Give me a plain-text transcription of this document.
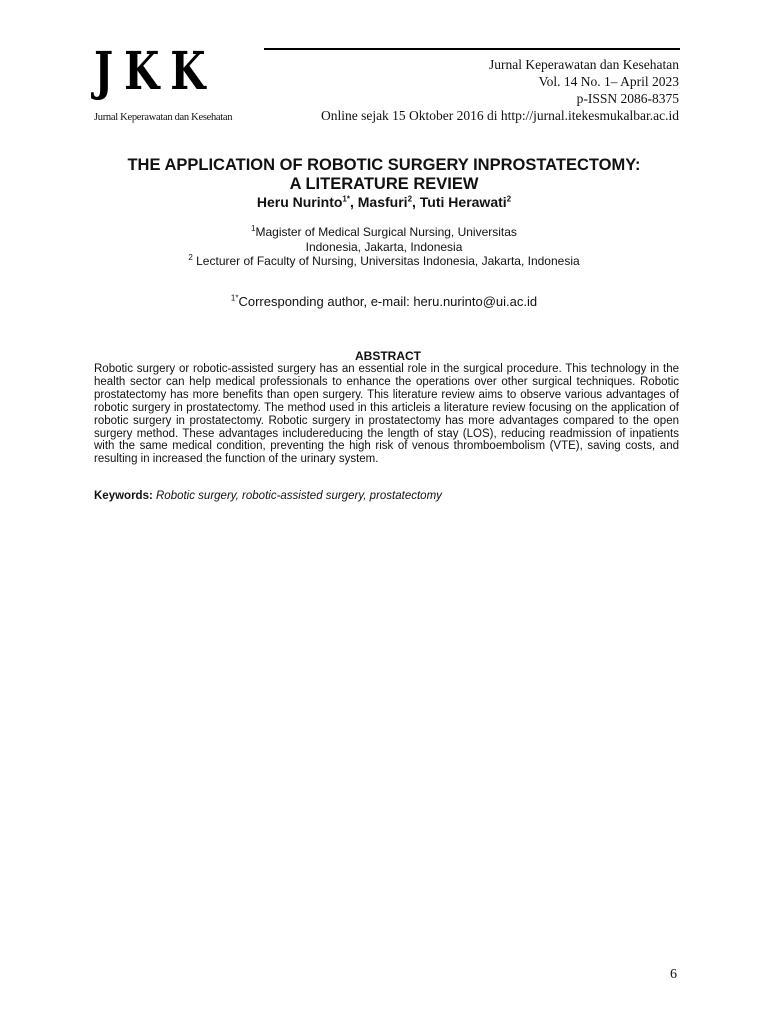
JKK
Jurnal Keperawatan dan Kesehatan
Jurnal Keperawatan dan Kesehatan
Vol. 14 No. 1– April 2023
p-ISSN 2086-8375
Online sejak 15 Oktober 2016 di http://jurnal.itekesmukalbar.ac.id
THE APPLICATION OF ROBOTIC SURGERY INPROSTATECTOMY:
A LITERATURE REVIEW
Heru Nurinto$^{1*}$, Masfuri$^2$, Tuti Herawati$^2$
$^1$Magister of Medical Surgical Nursing, Universitas
Indonesia, Jakarta, Indonesia
$^2$ Lecturer of Faculty of Nursing, Universitas Indonesia, Jakarta, Indonesia
$^{1*}$Corresponding author, e-mail: heru.nurinto@ui.ac.id
ABSTRACT
Robotic surgery or robotic-assisted surgery has an essential role in the surgical procedure. This technology in the health sector can help medical professionals to enhance the operations over other surgical techniques. Robotic prostatectomy has more benefits than open surgery. This literature review aims to observe various advantages of robotic surgery in prostatectomy. The method used in this articleis a literature review focusing on the application of robotic surgery in prostatectomy. Robotic surgery in prostatectomy has more advantages compared to the open surgery method. These advantages includereducing the length of stay (LOS), reducing readmission of inpatients with the same medical condition, preventing the high risk of venous thromboembolism (VTE), saving costs, and resulting in increased the function of the urinary system.
Keywords: Robotic surgery, robotic-assisted surgery, prostatectomy
6
